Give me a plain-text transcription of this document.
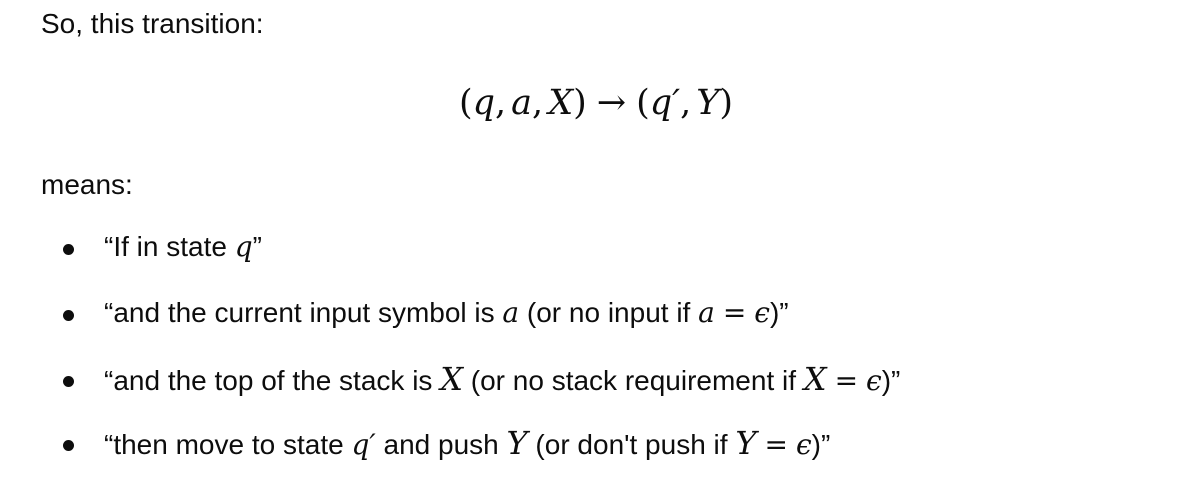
So, this transition:

(q, a, X) → (q′, Y)

means:

“If in state q”
“and the current input symbol is a (or no input if a = ϵ)”
“and the top of the stack is X (or no stack requirement if X = ϵ)”
“then move to state q′ and push Y (or don't push if Y = ϵ)”
